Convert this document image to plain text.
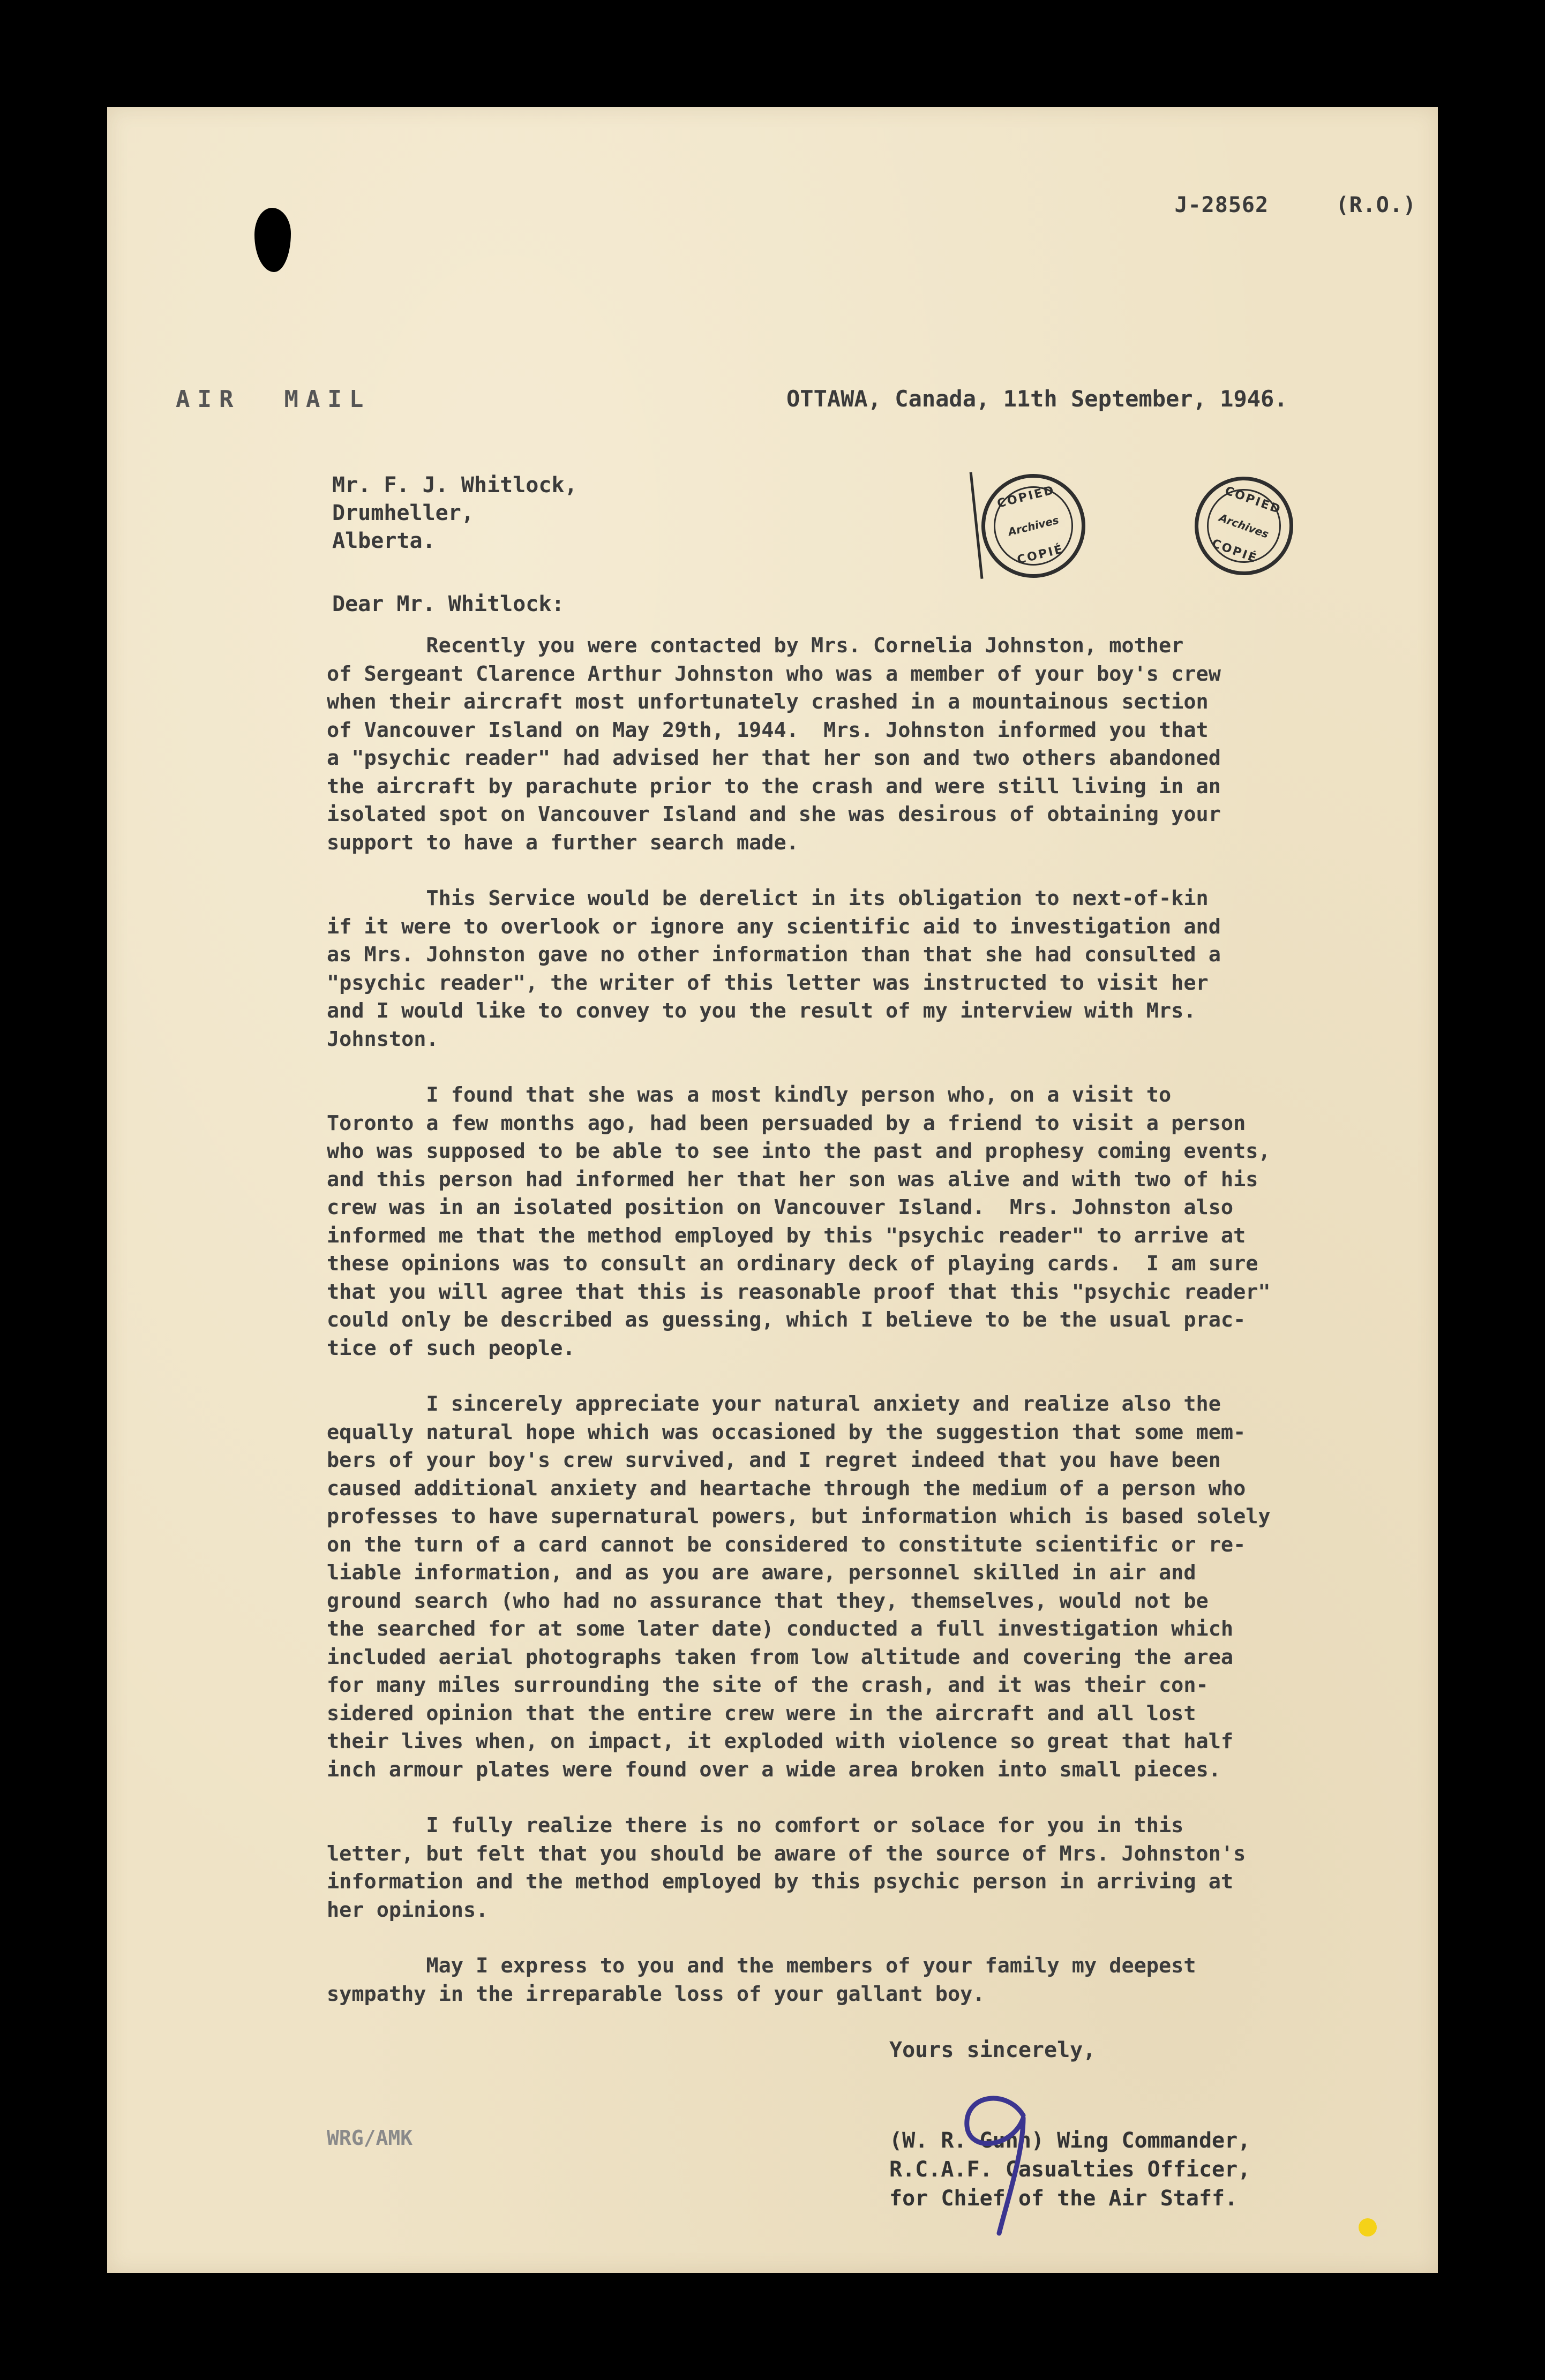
J-28562     (R.O.)
AIR  MAIL	OTTAWA, Canada, 11th September, 1946.
Mr. F. J. Whitlock,
Drumheller,
Alberta.
COPIED
Archives
COPIÉ
COPIED
Archives
COPIÉ
Dear Mr. Whitlock:
Recently you were contacted by Mrs. Cornelia Johnston, mother
of Sergeant Clarence Arthur Johnston who was a member of your boy's crew
when their aircraft most unfortunately crashed in a mountainous section
of Vancouver Island on May 29th, 1944.  Mrs. Johnston informed you that
a "psychic reader" had advised her that her son and two others abandoned
the aircraft by parachute prior to the crash and were still living in an
isolated spot on Vancouver Island and she was desirous of obtaining your
support to have a further search made.
This Service would be derelict in its obligation to next-of-kin
if it were to overlook or ignore any scientific aid to investigation and
as Mrs. Johnston gave no other information than that she had consulted a
"psychic reader", the writer of this letter was instructed to visit her
and I would like to convey to you the result of my interview with Mrs.
Johnston.
I found that she was a most kindly person who, on a visit to
Toronto a few months ago, had been persuaded by a friend to visit a person
who was supposed to be able to see into the past and prophesy coming events,
and this person had informed her that her son was alive and with two of his
crew was in an isolated position on Vancouver Island.  Mrs. Johnston also
informed me that the method employed by this "psychic reader" to arrive at
these opinions was to consult an ordinary deck of playing cards.  I am sure
that you will agree that this is reasonable proof that this "psychic reader"
could only be described as guessing, which I believe to be the usual prac-
tice of such people.
I sincerely appreciate your natural anxiety and realize also the
equally natural hope which was occasioned by the suggestion that some mem-
bers of your boy's crew survived, and I regret indeed that you have been
caused additional anxiety and heartache through the medium of a person who
professes to have supernatural powers, but information which is based solely
on the turn of a card cannot be considered to constitute scientific or re-
liable information, and as you are aware, personnel skilled in air and
ground search (who had no assurance that they, themselves, would not be
the searched for at some later date) conducted a full investigation which
included aerial photographs taken from low altitude and covering the area
for many miles surrounding the site of the crash, and it was their con-
sidered opinion that the entire crew were in the aircraft and all lost
their lives when, on impact, it exploded with violence so great that half
inch armour plates were found over a wide area broken into small pieces.
I fully realize there is no comfort or solace for you in this
letter, but felt that you should be aware of the source of Mrs. Johnston's
information and the method employed by this psychic person in arriving at
her opinions.
May I express to you and the members of your family my deepest
sympathy in the irreparable loss of your gallant boy.
Yours sincerely,
WRG/AMK	(W. R. Gunn) Wing Commander,
R.C.A.F. Casualties Officer,
for Chief of the Air Staff.
9
